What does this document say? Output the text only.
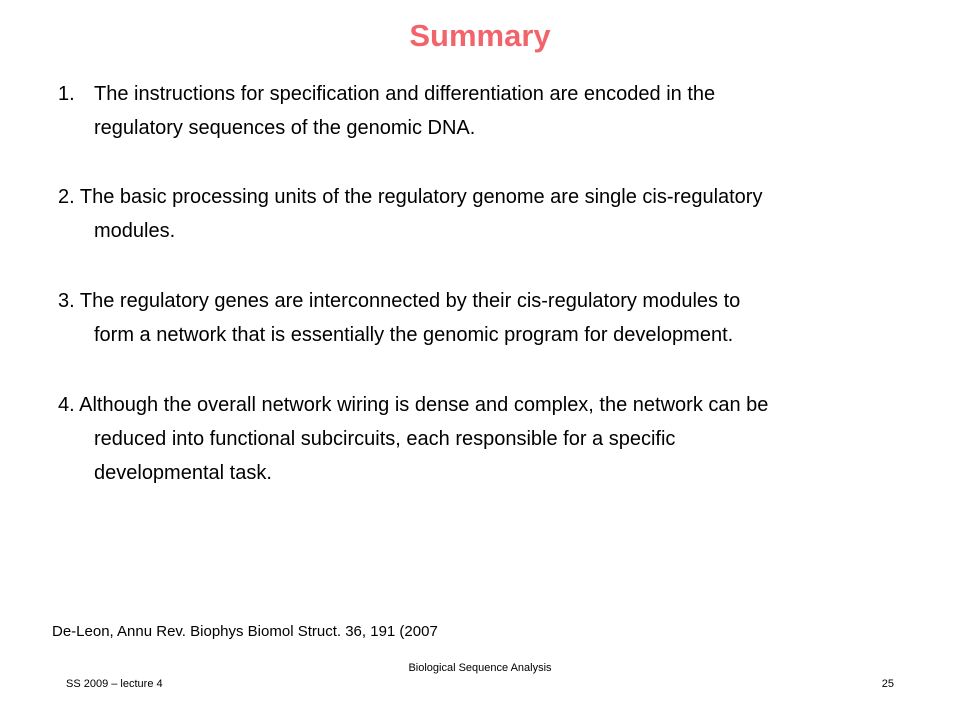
Summary
1. The instructions for specification and differentiation are encoded in the
regulatory sequences of the genomic DNA.
2. The basic processing units of the regulatory genome are single cis-regulatory
modules.
3. The regulatory genes are interconnected by their cis-regulatory modules to
form a network that is essentially the genomic program for development.
4. Although the overall network wiring is dense and complex, the network can be
reduced into functional subcircuits, each responsible for a specific
developmental task.
De-Leon, Annu Rev. Biophys Biomol Struct. 36, 191 (2007
Biological Sequence Analysis
SS 2009 – lecture 4	25
